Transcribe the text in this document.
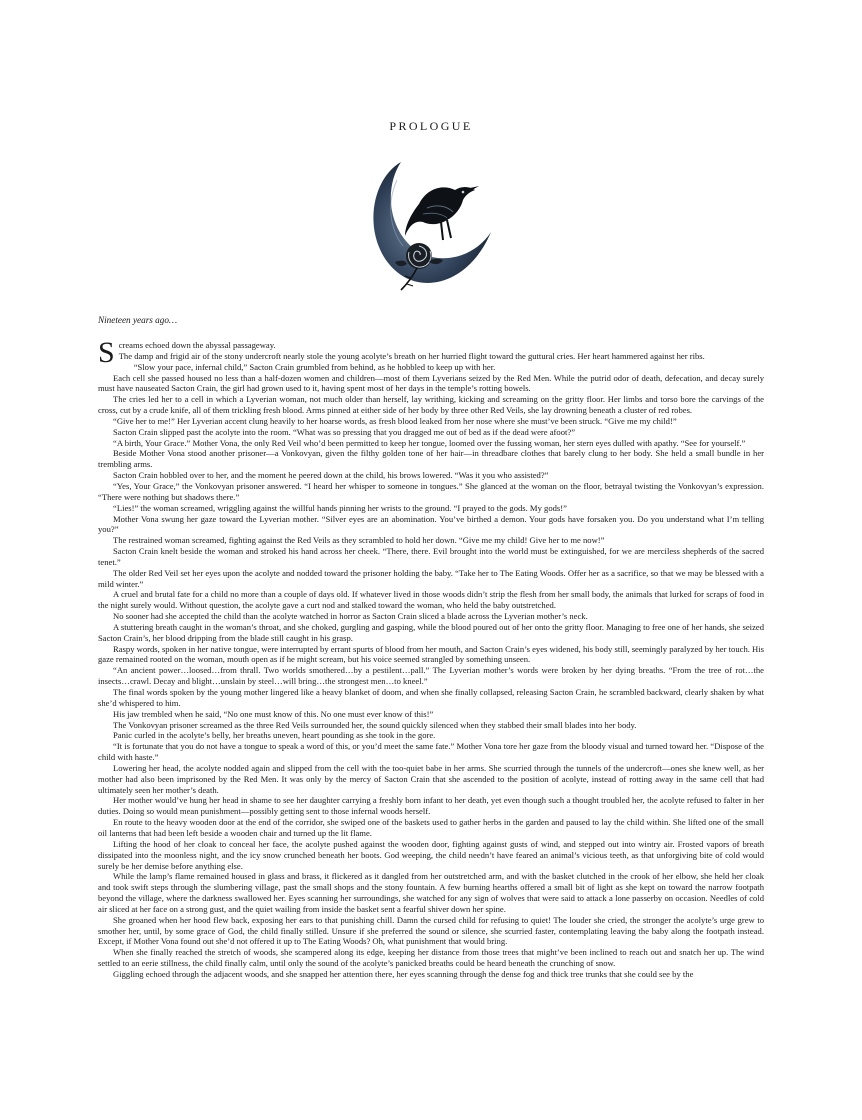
PROLOGUE
Nineteen years ago…

S creams echoed down the abyssal passageway.
The damp and frigid air of the stony undercroft nearly stole the young acolyte’s breath on her hurried flight toward the guttural cries. Her heart hammered against her ribs.

“Slow your pace, infernal child,” Sacton Crain grumbled from behind, as he hobbled to keep up with her.

Each cell she passed housed no less than a half-dozen women and children—most of them Lyverians seized by the Red Men. While the putrid odor of death, defecation, and decay surely must have nauseated Sacton Crain, the girl had grown used to it, having spent most of her days in the temple’s rotting bowels.

The cries led her to a cell in which a Lyverian woman, not much older than herself, lay writhing, kicking and screaming on the gritty floor. Her limbs and torso bore the carvings of the cross, cut by a crude knife, all of them trickling fresh blood. Arms pinned at either side of her body by three other Red Veils, she lay drowning beneath a cluster of red robes.

“Give her to me!” Her Lyverian accent clung heavily to her hoarse words, as fresh blood leaked from her nose where she must’ve been struck. “Give me my child!”

Sacton Crain slipped past the acolyte into the room. “What was so pressing that you dragged me out of bed as if the dead were afoot?”

“A birth, Your Grace.” Mother Vona, the only Red Veil who’d been permitted to keep her tongue, loomed over the fussing woman, her stern eyes dulled with apathy. “See for yourself.”

Beside Mother Vona stood another prisoner—a Vonkovyan, given the filthy golden tone of her hair—in threadbare clothes that barely clung to her body. She held a small bundle in her trembling arms.

Sacton Crain hobbled over to her, and the moment he peered down at the child, his brows lowered. “Was it you who assisted?”

“Yes, Your Grace,” the Vonkovyan prisoner answered. “I heard her whisper to someone in tongues.” She glanced at the woman on the floor, betrayal twisting the Vonkovyan’s expression. “There were nothing but shadows there.”

“Lies!” the woman screamed, wriggling against the willful hands pinning her wrists to the ground. “I prayed to the gods. My gods!”

Mother Vona swung her gaze toward the Lyverian mother. “Silver eyes are an abomination. You’ve birthed a demon. Your gods have forsaken you. Do you understand what I’m telling you?”

The restrained woman screamed, fighting against the Red Veils as they scrambled to hold her down. “Give me my child! Give her to me now!”

Sacton Crain knelt beside the woman and stroked his hand across her cheek. “There, there. Evil brought into the world must be extinguished, for we are merciless shepherds of the sacred tenet.”

The older Red Veil set her eyes upon the acolyte and nodded toward the prisoner holding the baby. “Take her to The Eating Woods. Offer her as a sacrifice, so that we may be blessed with a mild winter.”

A cruel and brutal fate for a child no more than a couple of days old. If whatever lived in those woods didn’t strip the flesh from her small body, the animals that lurked for scraps of food in the night surely would. Without question, the acolyte gave a curt nod and stalked toward the woman, who held the baby outstretched.

No sooner had she accepted the child than the acolyte watched in horror as Sacton Crain sliced a blade across the Lyverian mother’s neck.

A stuttering breath caught in the woman’s throat, and she choked, gurgling and gasping, while the blood poured out of her onto the gritty floor. Managing to free one of her hands, she seized Sacton Crain’s, her blood dripping from the blade still caught in his grasp.

Raspy words, spoken in her native tongue, were interrupted by errant spurts of blood from her mouth, and Sacton Crain’s eyes widened, his body still, seemingly paralyzed by her touch. His gaze remained rooted on the woman, mouth open as if he might scream, but his voice seemed strangled by something unseen.

“An ancient power…loosed…from thrall. Two worlds smothered…by a pestilent…pall.” The Lyverian mother’s words were broken by her dying breaths. “From the tree of rot…the insects…crawl. Decay and blight…unslain by steel…will bring…the strongest men…to kneel.”

The final words spoken by the young mother lingered like a heavy blanket of doom, and when she finally collapsed, releasing Sacton Crain, he scrambled backward, clearly shaken by what she’d whispered to him.

His jaw trembled when he said, “No one must know of this. No one must ever know of this!”

The Vonkovyan prisoner screamed as the three Red Veils surrounded her, the sound quickly silenced when they stabbed their small blades into her body.

Panic curled in the acolyte’s belly, her breaths uneven, heart pounding as she took in the gore.

“It is fortunate that you do not have a tongue to speak a word of this, or you’d meet the same fate.” Mother Vona tore her gaze from the bloody visual and turned toward her. “Dispose of the child with haste.”

Lowering her head, the acolyte nodded again and slipped from the cell with the too-quiet babe in her arms. She scurried through the tunnels of the undercroft—ones she knew well, as her mother had also been imprisoned by the Red Men. It was only by the mercy of Sacton Crain that she ascended to the position of acolyte, instead of rotting away in the same cell that had ultimately seen her mother’s death.

Her mother would’ve hung her head in shame to see her daughter carrying a freshly born infant to her death, yet even though such a thought troubled her, the acolyte refused to falter in her duties. Doing so would mean punishment—possibly getting sent to those infernal woods herself.

En route to the heavy wooden door at the end of the corridor, she swiped one of the baskets used to gather herbs in the garden and paused to lay the child within. She lifted one of the small oil lanterns that had been left beside a wooden chair and turned up the lit flame.

Lifting the hood of her cloak to conceal her face, the acolyte pushed against the wooden door, fighting against gusts of wind, and stepped out into wintry air. Frosted vapors of breath dissipated into the moonless night, and the icy snow crunched beneath her boots. God weeping, the child needn’t have feared an animal’s vicious teeth, as that unforgiving bite of cold would surely be her demise before anything else.

While the lamp’s flame remained housed in glass and brass, it flickered as it dangled from her outstretched arm, and with the basket clutched in the crook of her elbow, she held her cloak and took swift steps through the slumbering village, past the small shops and the stony fountain. A few burning hearths offered a small bit of light as she kept on toward the narrow footpath beyond the village, where the darkness swallowed her. Eyes scanning her surroundings, she watched for any sign of wolves that were said to attack a lone passerby on occasion. Needles of cold air sliced at her face on a strong gust, and the quiet wailing from inside the basket sent a fearful shiver down her spine.

She groaned when her hood flew back, exposing her ears to that punishing chill. Damn the cursed child for refusing to quiet! The louder she cried, the stronger the acolyte’s urge grew to smother her, until, by some grace of God, the child finally stilled. Unsure if she preferred the sound or silence, she scurried faster, contemplating leaving the baby along the footpath instead. Except, if Mother Vona found out she’d not offered it up to The Eating Woods? Oh, what punishment that would bring.

When she finally reached the stretch of woods, she scampered along its edge, keeping her distance from those trees that might’ve been inclined to reach out and snatch her up. The wind settled to an eerie stillness, the child finally calm, until only the sound of the acolyte’s panicked breaths could be heard beneath the crunching of snow.

Giggling echoed through the adjacent woods, and she snapped her attention there, her eyes scanning through the dense fog and thick tree trunks that she could see by the
